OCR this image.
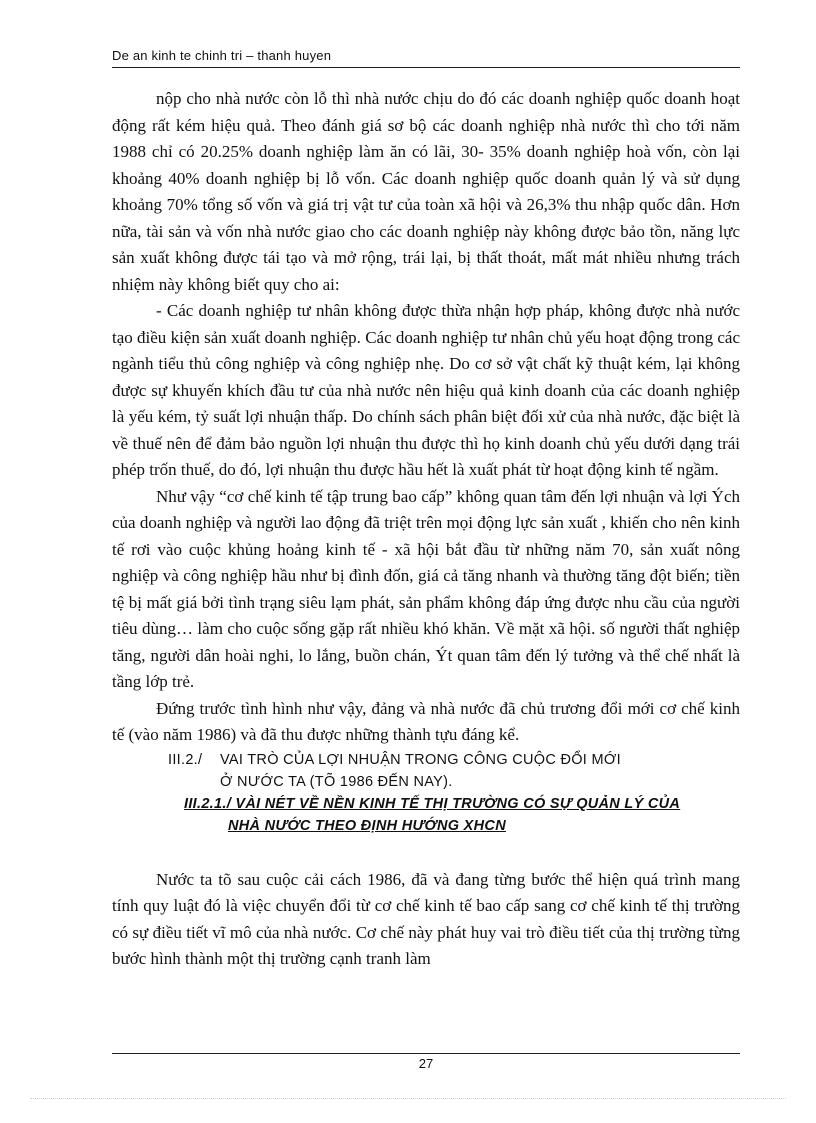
De an kinh te chinh tri – thanh huyen

nộp cho nhà nước còn lỗ thì nhà nước chịu do đó các doanh nghiệp quốc doanh hoạt động rất kém hiệu quả. Theo đánh giá sơ bộ các doanh nghiệp nhà nước thì cho tới năm 1988 chỉ có 20.25% doanh nghiệp làm ăn có lãi, 30- 35% doanh nghiệp hoà vốn, còn lại khoảng 40% doanh nghiệp bị lỗ vốn. Các doanh nghiệp quốc doanh quản lý và sử dụng khoảng 70% tổng số vốn và giá trị vật tư của toàn xã hội và 26,3% thu nhập quốc dân. Hơn nữa, tài sản và vốn nhà nước giao cho các doanh nghiệp này không được bảo tồn, năng lực sản xuất không được tái tạo và mở rộng, trái lại, bị thất thoát, mất mát nhiều nhưng trách nhiệm này không biết quy cho ai:

- Các doanh nghiệp tư nhân không được thừa nhận hợp pháp, không được nhà nước tạo điều kiện sản xuất doanh nghiệp. Các doanh nghiệp tư nhân chủ yếu hoạt động trong các ngành tiểu thủ công nghiệp và công nghiệp nhẹ. Do cơ sở vật chất kỹ thuật kém, lại không được sự khuyến khích đầu tư của nhà nước nên hiệu quả kinh doanh của các doanh nghiệp là yếu kém, tỷ suất lợi nhuận thấp. Do chính sách phân biệt đối xử của nhà nước, đặc biệt là về thuế nên để đảm bảo nguồn lợi nhuận thu được thì họ kinh doanh chủ yếu dưới dạng trái phép trốn thuế, do đó, lợi nhuận thu được hầu hết là xuất phát từ hoạt động kinh tế ngầm.

Như vậy “cơ chế kinh tế tập trung bao cấp” không quan tâm đến lợi nhuận và lợi Ých của doanh nghiệp và người lao động đã triệt trên mọi động lực sản xuất , khiến cho nên kinh tế rơi vào cuộc khủng hoảng kinh tế - xã hội bắt đầu từ những năm 70, sản xuất nông nghiệp và công nghiệp hầu như bị đình đốn, giá cả tăng nhanh và thường tăng đột biến; tiền tệ bị mất giá bởi tình trạng siêu lạm phát, sản phẩm không đáp ứng được nhu cầu của người tiêu dùng… làm cho cuộc sống gặp rất nhiều khó khăn. Về mặt xã hội. số người thất nghiệp tăng, người dân hoài nghi, lo lắng, buồn chán, Ýt quan tâm đến lý tưởng và thể chế nhất là tầng lớp trẻ.

Đứng trước tình hình như vậy, đảng và nhà nước đã chủ trương đổi mới cơ chế kinh tế (vào năm 1986) và đã thu được những thành tựu đáng kể.

III.2./ VAI TRÒ CỦA LỢI NHUẬN TRONG CÔNG CUỘC ĐỔI MỚI
Ở NƯỚC TA (TÕ 1986 ĐẾN NAY).
III.2.1./ VÀI NÉT VỀ NỀN KINH TẾ THỊ TRƯỜNG CÓ SỰ QUẢN LÝ CỦA
NHÀ NƯỚC THEO ĐỊNH HƯỚNG XHCN

Nước ta tõ sau cuộc cải cách 1986, đã và đang từng bước thể hiện quá trình mang tính quy luật đó là việc chuyển đổi từ cơ chế kinh tế bao cấp sang cơ chế kinh tế thị trường có sự điều tiết vĩ mô của nhà nước. Cơ chế này phát huy vai trò điều tiết của thị trường từng bước hình thành một thị trường cạnh tranh làm

27
